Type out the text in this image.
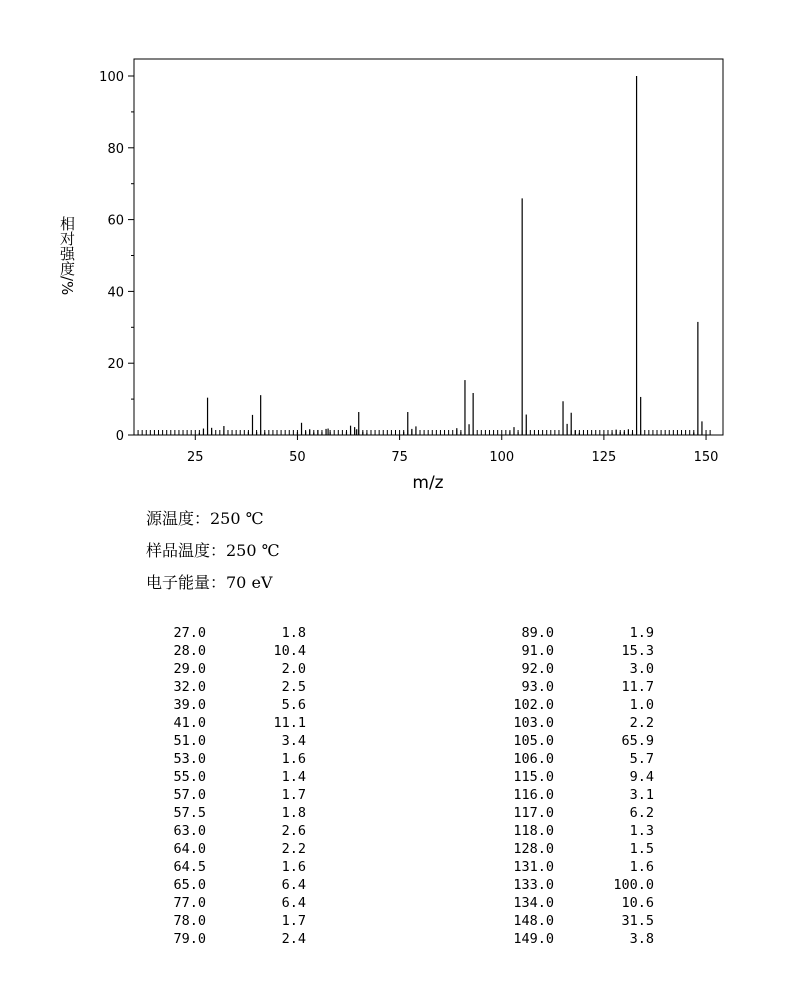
25	50	75	100	125	150
0
20
40
60
80
100
m/z
相对强度/%
源温度：250 ℃
样品温度：250 ℃
电子能量：70 eV
27.0	1.8
28.0	10.4
29.0	2.0
32.0	2.5
39.0	5.6
41.0	11.1
51.0	3.4
53.0	1.6
55.0	1.4
57.0	1.7
57.5	1.8
63.0	2.6
64.0	2.2
64.5	1.6
65.0	6.4
77.0	6.4
78.0	1.7
79.0	2.4
89.0	1.9
91.0	15.3
92.0	3.0
93.0	11.7
102.0	1.0
103.0	2.2
105.0	65.9
106.0	5.7
115.0	9.4
116.0	3.1
117.0	6.2
118.0	1.3
128.0	1.5
131.0	1.6
133.0	100.0
134.0	10.6
148.0	31.5
149.0	3.8
